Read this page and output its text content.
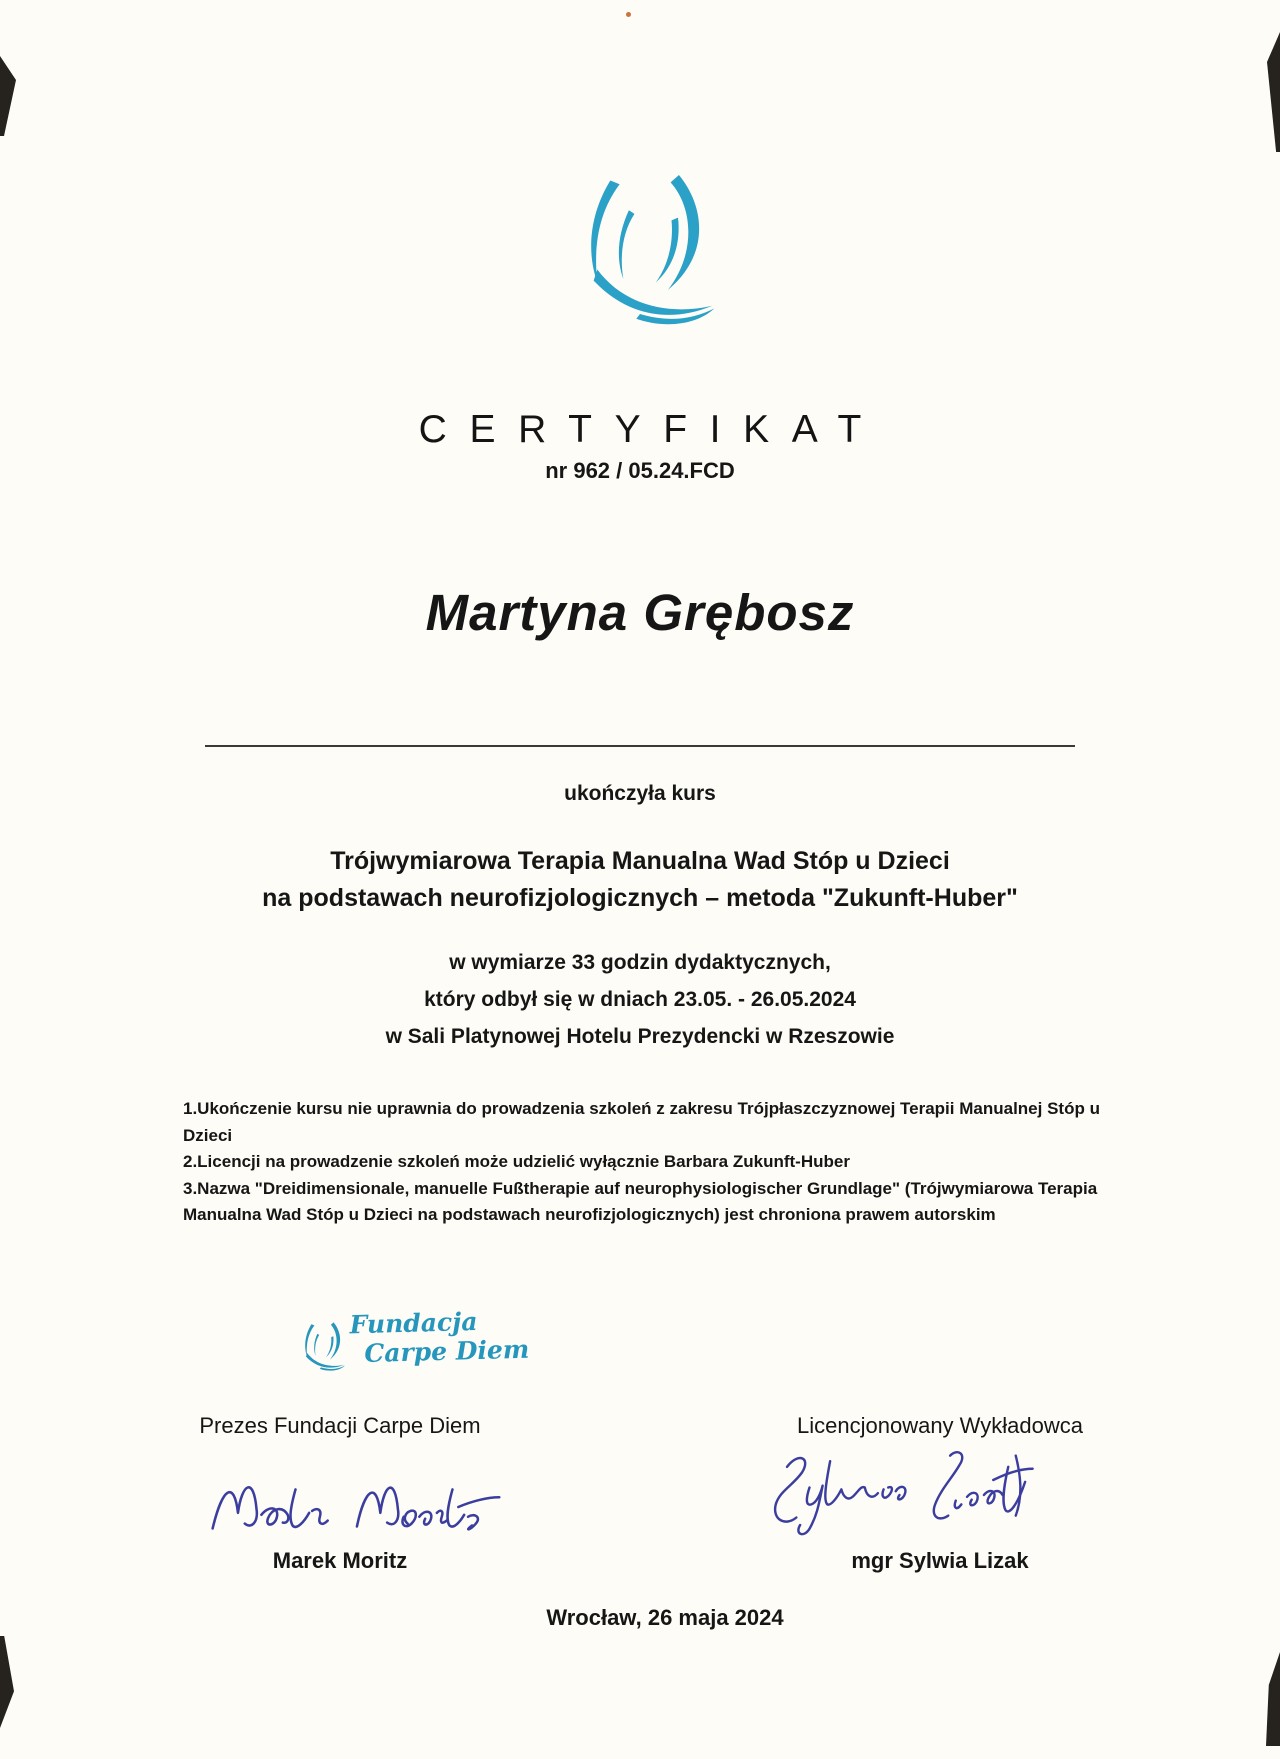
CERTYFIKAT
nr 962 / 05.24.FCD
Martyna Grębosz
ukończyła kurs
Trójwymiarowa Terapia Manualna Wad Stóp u Dzieci
na podstawach neurofizjologicznych – metoda "Zukunft-Huber"
w wymiarze 33 godzin dydaktycznych,
który odbył się w dniach 23.05. - 26.05.2024
w Sali Platynowej Hotelu Prezydencki w Rzeszowie
1.Ukończenie kursu nie uprawnia do prowadzenia szkoleń z zakresu Trójpłaszczyznowej Terapii Manualnej Stóp u Dzieci
2.Licencji na prowadzenie szkoleń może udzielić wyłącznie Barbara Zukunft-Huber
3.Nazwa "Dreidimensionale, manuelle Fußtherapie auf neurophysiologischer Grundlage" (Trójwymiarowa Terapia Manualna Wad Stóp u Dzieci na podstawach neurofizjologicznych) jest chroniona prawem autorskim
Fundacja
Carpe Diem
Prezes Fundacji Carpe Diem	Licencjonowany Wykładowca
Marek Moritz	mgr Sylwia Lizak
Wrocław, 26 maja 2024
